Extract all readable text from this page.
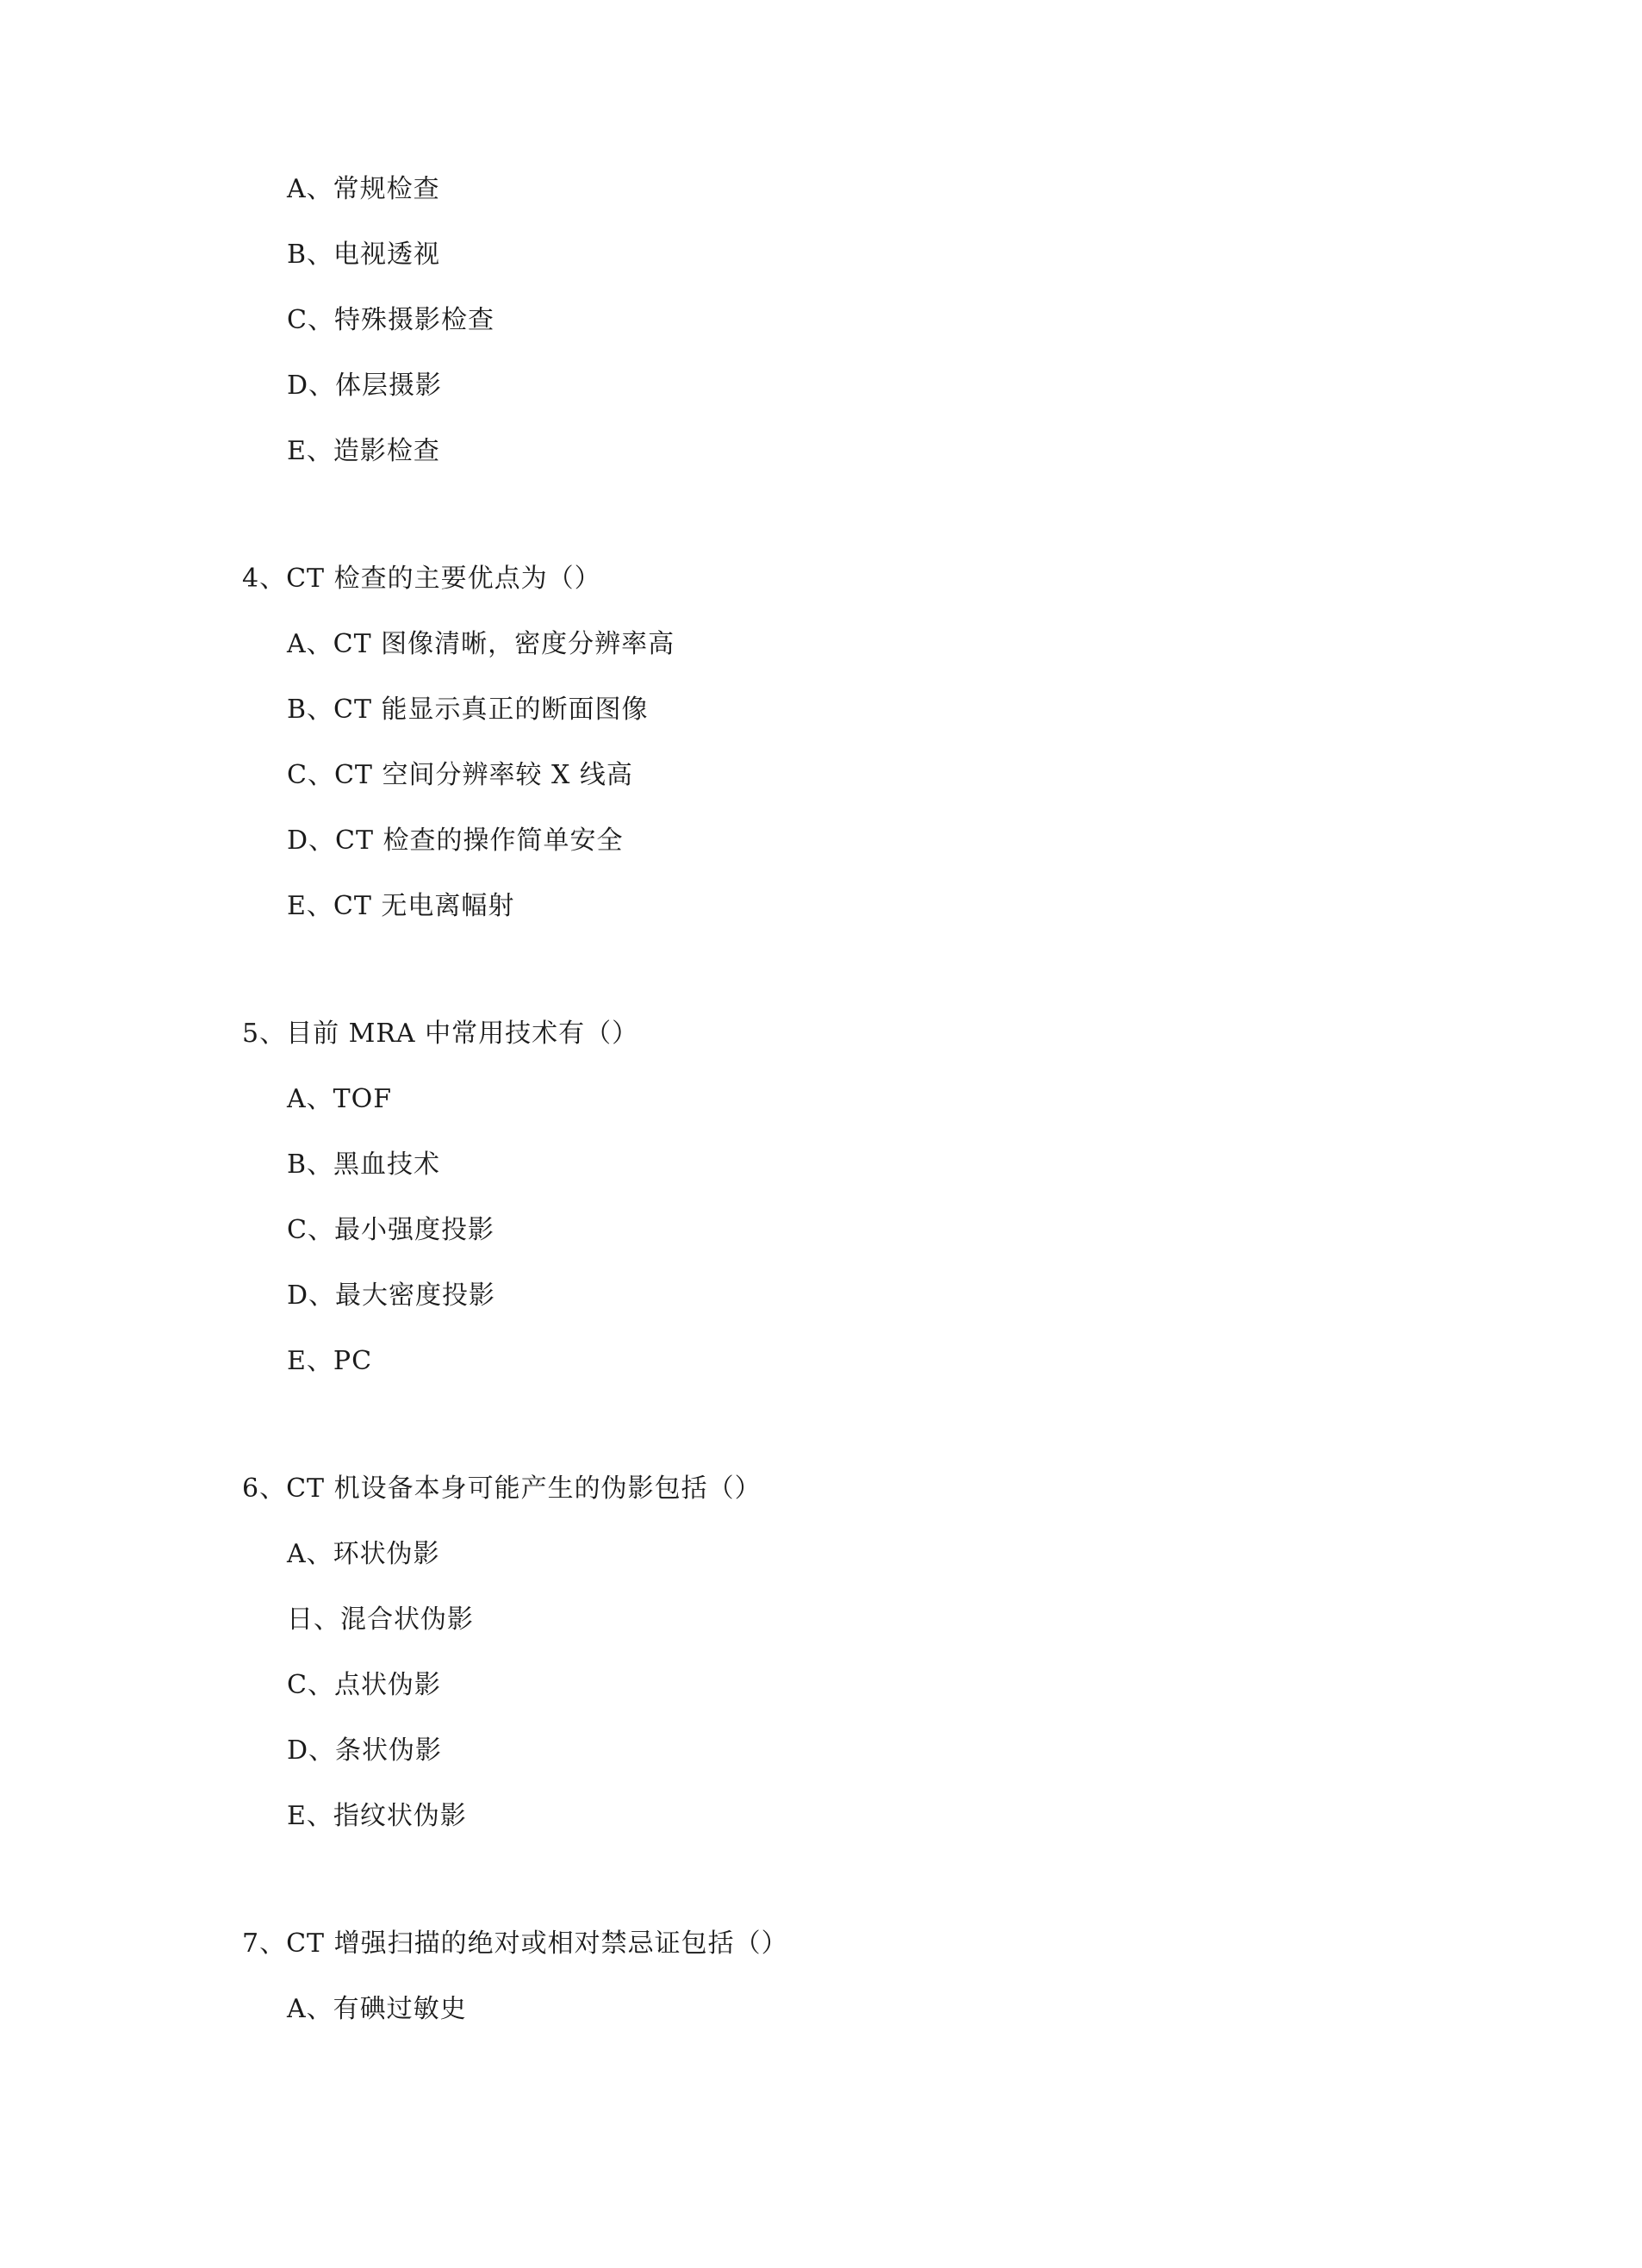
A、常规检查
B、电视透视
C、特殊摄影检查
D、体层摄影
E、造影检查
4、CT 检查的主要优点为（）
A、CT 图像清晰，密度分辨率高
B、CT 能显示真正的断面图像
C、CT 空间分辨率较 X 线高
D、CT 检查的操作简单安全
E、CT 无电离幅射
5、目前 MRA 中常用技术有（）
A、TOF
B、黑血技术
C、最小强度投影
D、最大密度投影
E、PC
6、CT 机设备本身可能产生的伪影包括（）
A、环状伪影
日、混合状伪影
C、点状伪影
D、条状伪影
E、指纹状伪影
7、CT 增强扫描的绝对或相对禁忌证包括（）
A、有碘过敏史
